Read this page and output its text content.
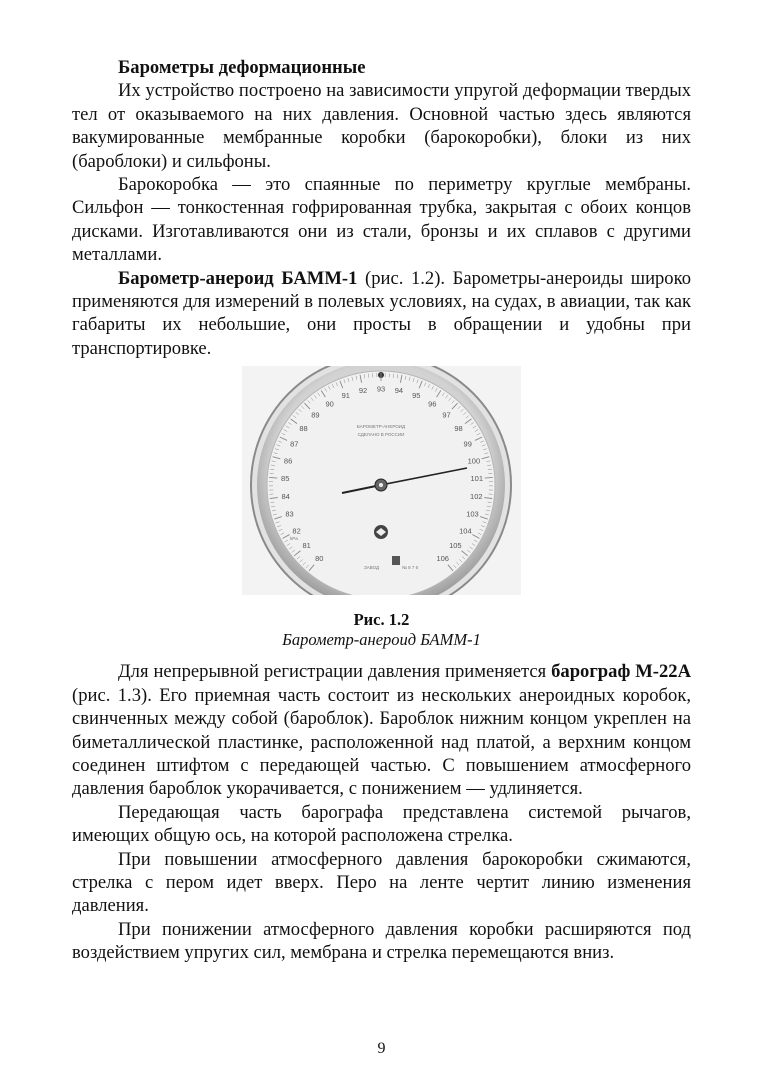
Барометры деформационные

Их устройство построено на зависимости упругой деформации твердых тел от оказываемого на них давления. Основной частью здесь являются вакумированные мембранные коробки (барокоробки), блоки из них (баpоблоки) и сильфоны.

Барокоробка — это спаянные по периметру круглые мембраны. Сильфон — тонкостенная гофрированная трубка, закрытая с обоих концов дисками. Изготавливаются они из стали, бронзы и их сплавов с другими металлами.

Барометр-анероид БАММ-1 (рис. 1.2). Барометры-анероиды широко применяются для измерений в полевых условиях, на судах, в авиации, так как габариты их небольшие, они просты в обращении и удобны при транспортировке.

80
81
82
83
84
85
86
87
88
89
90
91
92 93 94
95
96
97
98
99
100
101
102
103
104
105
106
БАРОМЕТР-АНЕРОИД
СДЕЛАНО В РОССИИ
kPa
ЗАВОД	№ 8 7 6

Рис. 1.2

Барометр-анероид БАММ-1

Для непрерывной регистрации давления применяется барограф М-22А (рис. 1.3). Его приемная часть состоит из нескольких анероидных коробок, свинченных между собой (бароблок). Бароблок нижним концом укреплен на биметаллической пластинке, расположенной над платой, а верхним концом соединен штифтом с передающей частью. С повышением атмосферного давления бароблок укорачивается, с понижением — удлиняется.

Передающая часть барографа представлена системой рычагов, имеющих общую ось, на которой расположена стрелка.

При повышении атмосферного давления барокоробки сжимаются, стрелка с пером идет вверх. Перо на ленте чертит линию изменения давления.

При понижении атмосферного давления коробки расширяются под воздействием упругих сил, мембрана и стрелка перемещаются вниз.

9
